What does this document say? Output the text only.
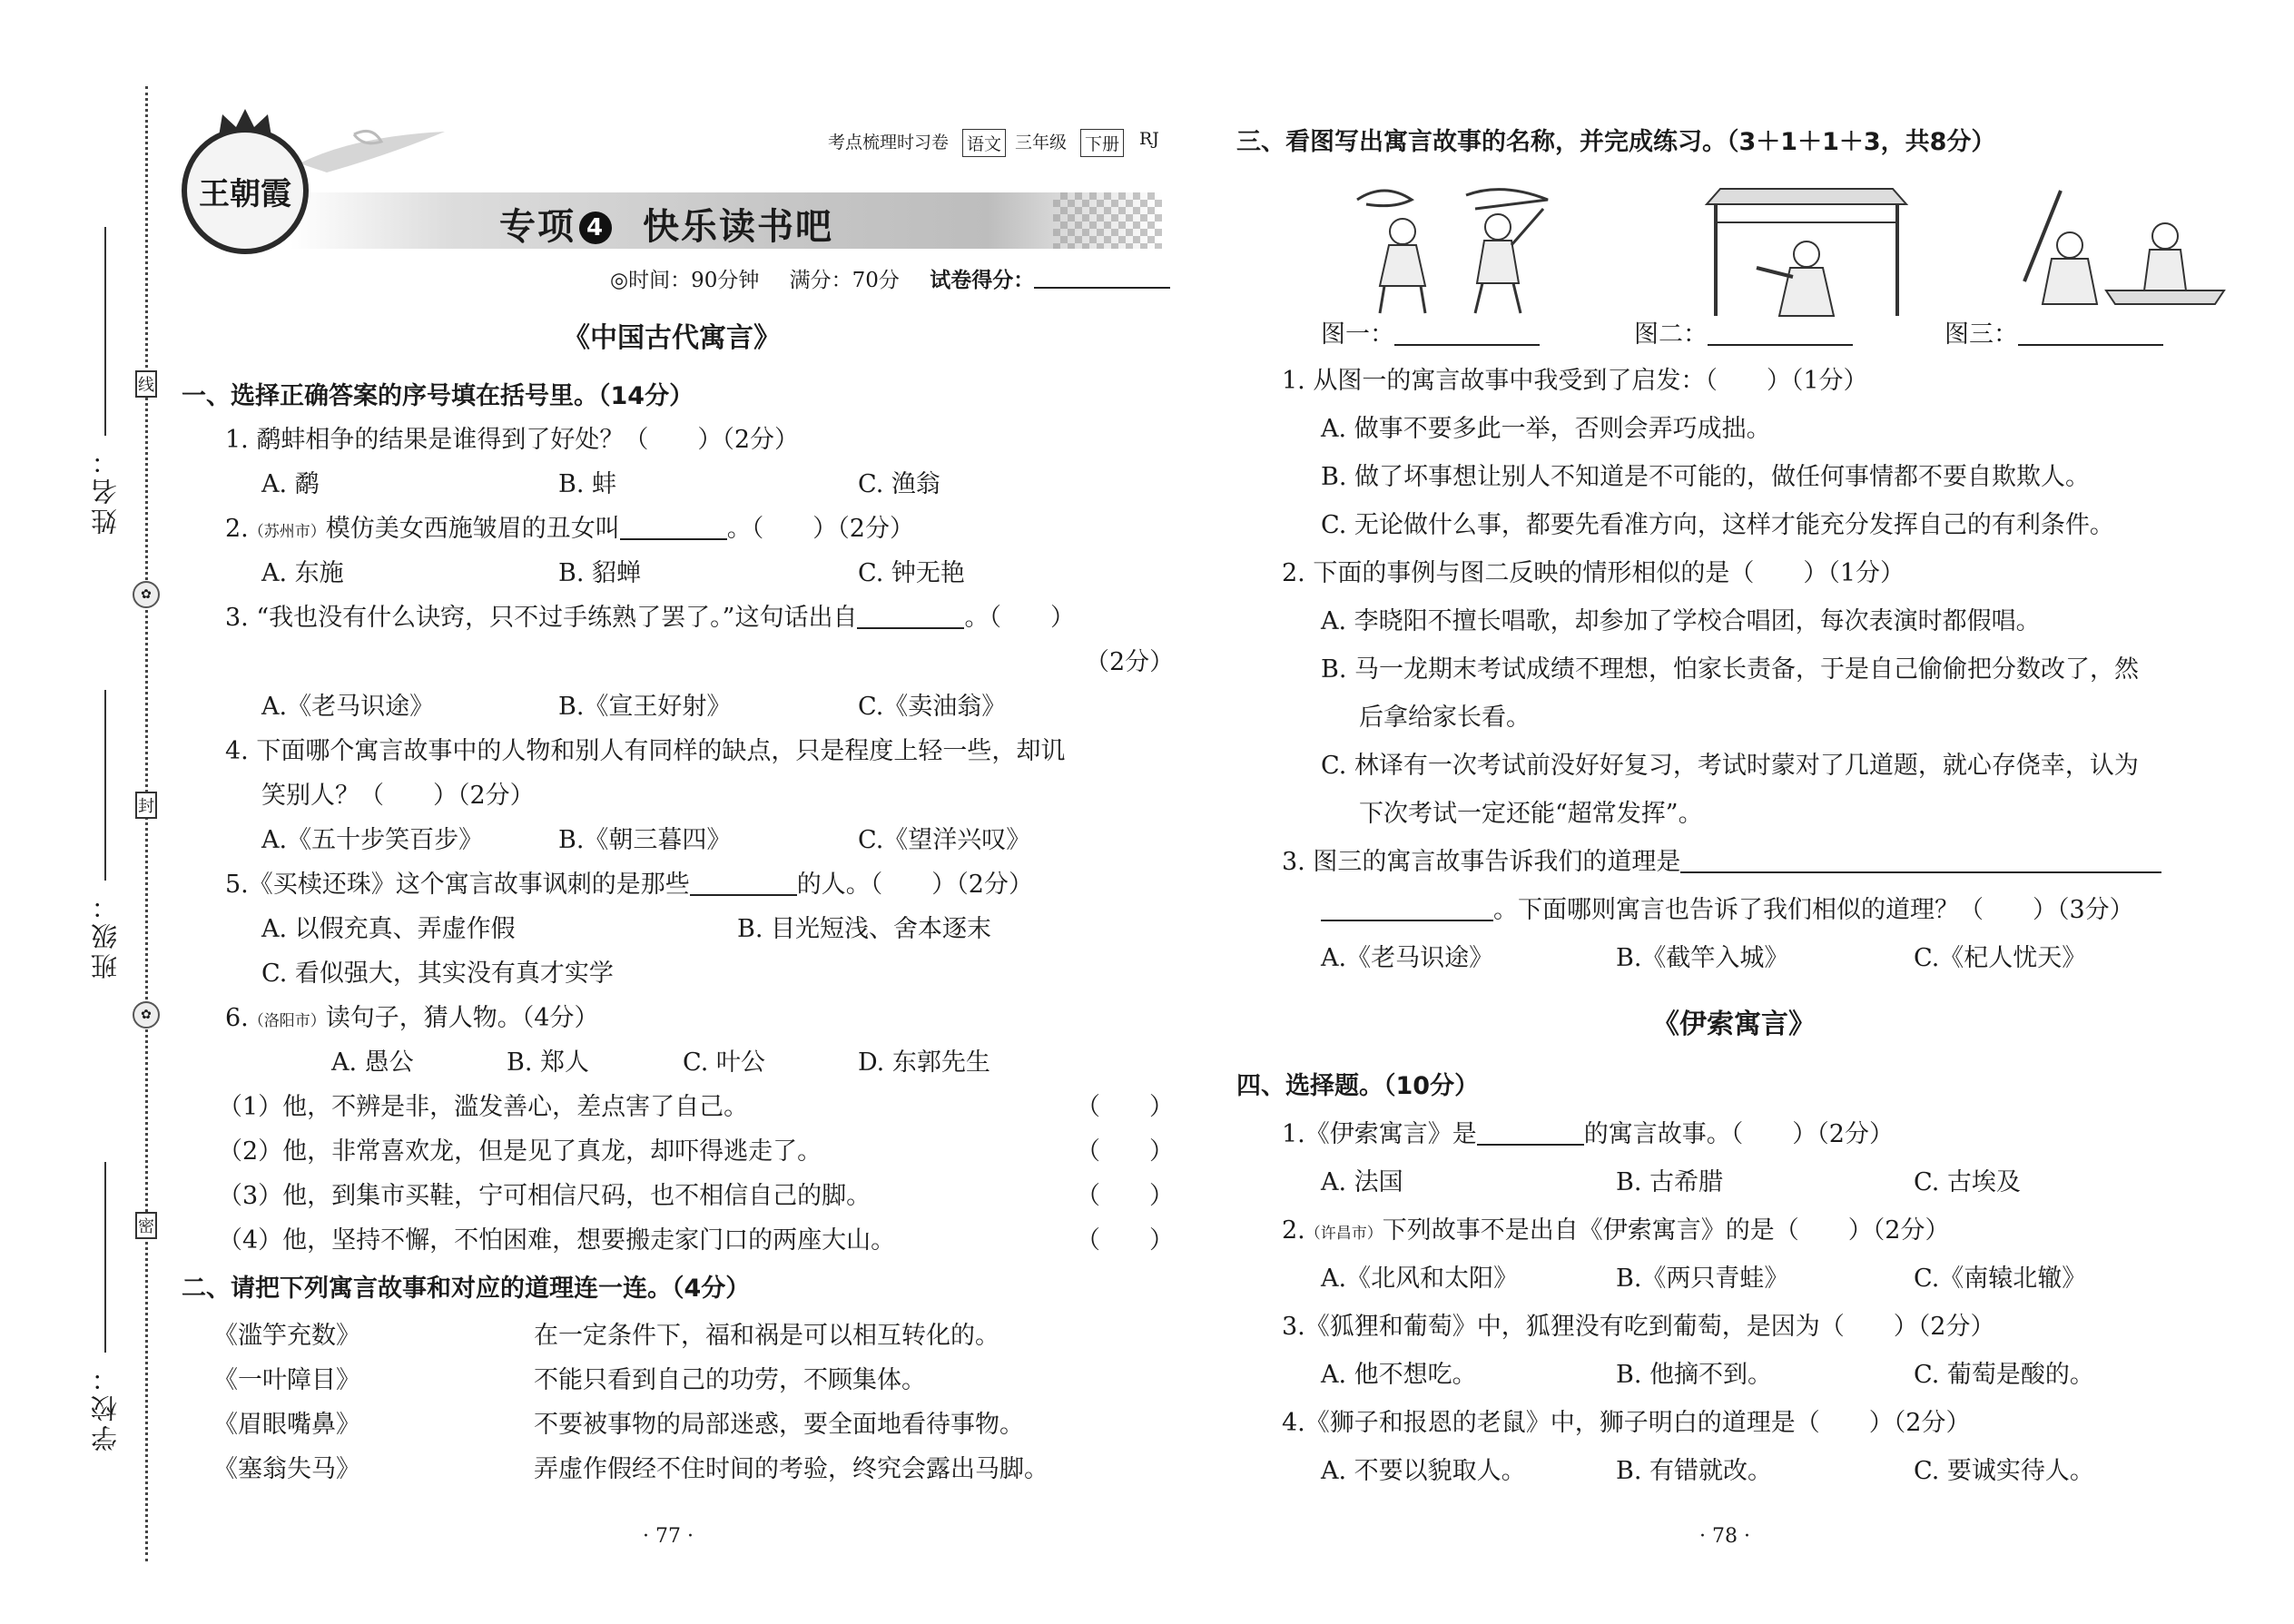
姓名：
班级：
学校：
线
封
密
✿
✿
王朝霞
考点梳理时习卷 语文 三年级 下册 RJ
专项 4 快乐读书吧
◎时间：90分钟 满分：70分 试卷得分：
《中国古代寓言》
一、选择正确答案的序号填在括号里。（14分）
1. 鹬蚌相争的结果是谁得到了好处？（　　）（2分）
A. 鹬	B. 蚌	C. 渔翁
2.（苏州市）模仿美女西施皱眉的丑女叫	。（　　）（2分）
A. 东施	B. 貂蝉	C. 钟无艳
3. “我也没有什么诀窍，只不过手练熟了罢了。”这句话出自	。（　　）
（2分）
A.《老马识途》	B.《宣王好射》	C.《卖油翁》
4. 下面哪个寓言故事中的人物和别人有同样的缺点，只是程度上轻一些，却讥
笑别人？（　　）（2分）
A.《五十步笑百步》	B.《朝三暮四》	C.《望洋兴叹》
5.《买椟还珠》这个寓言故事讽刺的是那些	的人。（　　）（2分）
A. 以假充真、弄虚作假	B. 目光短浅、舍本逐末
C. 看似强大，其实没有真才实学
6.（洛阳市）读句子，猜人物。（4分）
A. 愚公	B. 郑人	C. 叶公	D. 东郭先生
（1）他，不辨是非，滥发善心，差点害了自己。	（　　）
（2）他，非常喜欢龙，但是见了真龙，却吓得逃走了。	（　　）
（3）他，到集市买鞋，宁可相信尺码，也不相信自己的脚。	（　　）
（4）他，坚持不懈，不怕困难，想要搬走家门口的两座大山。	（　　）
二、请把下列寓言故事和对应的道理连一连。（4分）
《滥竽充数》	在一定条件下，福和祸是可以相互转化的。
《一叶障目》	不能只看到自己的功劳，不顾集体。
《眉眼嘴鼻》	不要被事物的局部迷惑，要全面地看待事物。
《塞翁失马》	弄虚作假经不住时间的考验，终究会露出马脚。
· 77 ·
三、看图写出寓言故事的名称，并完成练习。（3＋1＋1＋3，共8分）
图一：	图二：	图三：
1. 从图一的寓言故事中我受到了启发：（　　）（1分）
A. 做事不要多此一举，否则会弄巧成拙。
B. 做了坏事想让别人不知道是不可能的，做任何事情都不要自欺欺人。
C. 无论做什么事，都要先看准方向，这样才能充分发挥自己的有利条件。
2. 下面的事例与图二反映的情形相似的是（　　）（1分）
A. 李晓阳不擅长唱歌，却参加了学校合唱团，每次表演时都假唱。
B. 马一龙期末考试成绩不理想，怕家长责备，于是自己偷偷把分数改了，然
后拿给家长看。
C. 林译有一次考试前没好好复习，考试时蒙对了几道题，就心存侥幸，认为
下次考试一定还能“超常发挥”。
3. 图三的寓言故事告诉我们的道理是
。下面哪则寓言也告诉了我们相似的道理？（　　）（3分）
A.《老马识途》	B.《截竿入城》	C.《杞人忧天》
《伊索寓言》
四、选择题。（10分）
1.《伊索寓言》是	的寓言故事。（　　）（2分）
A. 法国	B. 古希腊	C. 古埃及
2.（许昌市）下列故事不是出自《伊索寓言》的是（　　）（2分）
A.《北风和太阳》	B.《两只青蛙》	C.《南辕北辙》
3.《狐狸和葡萄》中，狐狸没有吃到葡萄，是因为（　　）（2分）
A. 他不想吃。	B. 他摘不到。	C. 葡萄是酸的。
4.《狮子和报恩的老鼠》中，狮子明白的道理是（　　）（2分）
A. 不要以貌取人。	B. 有错就改。	C. 要诚实待人。
· 78 ·
